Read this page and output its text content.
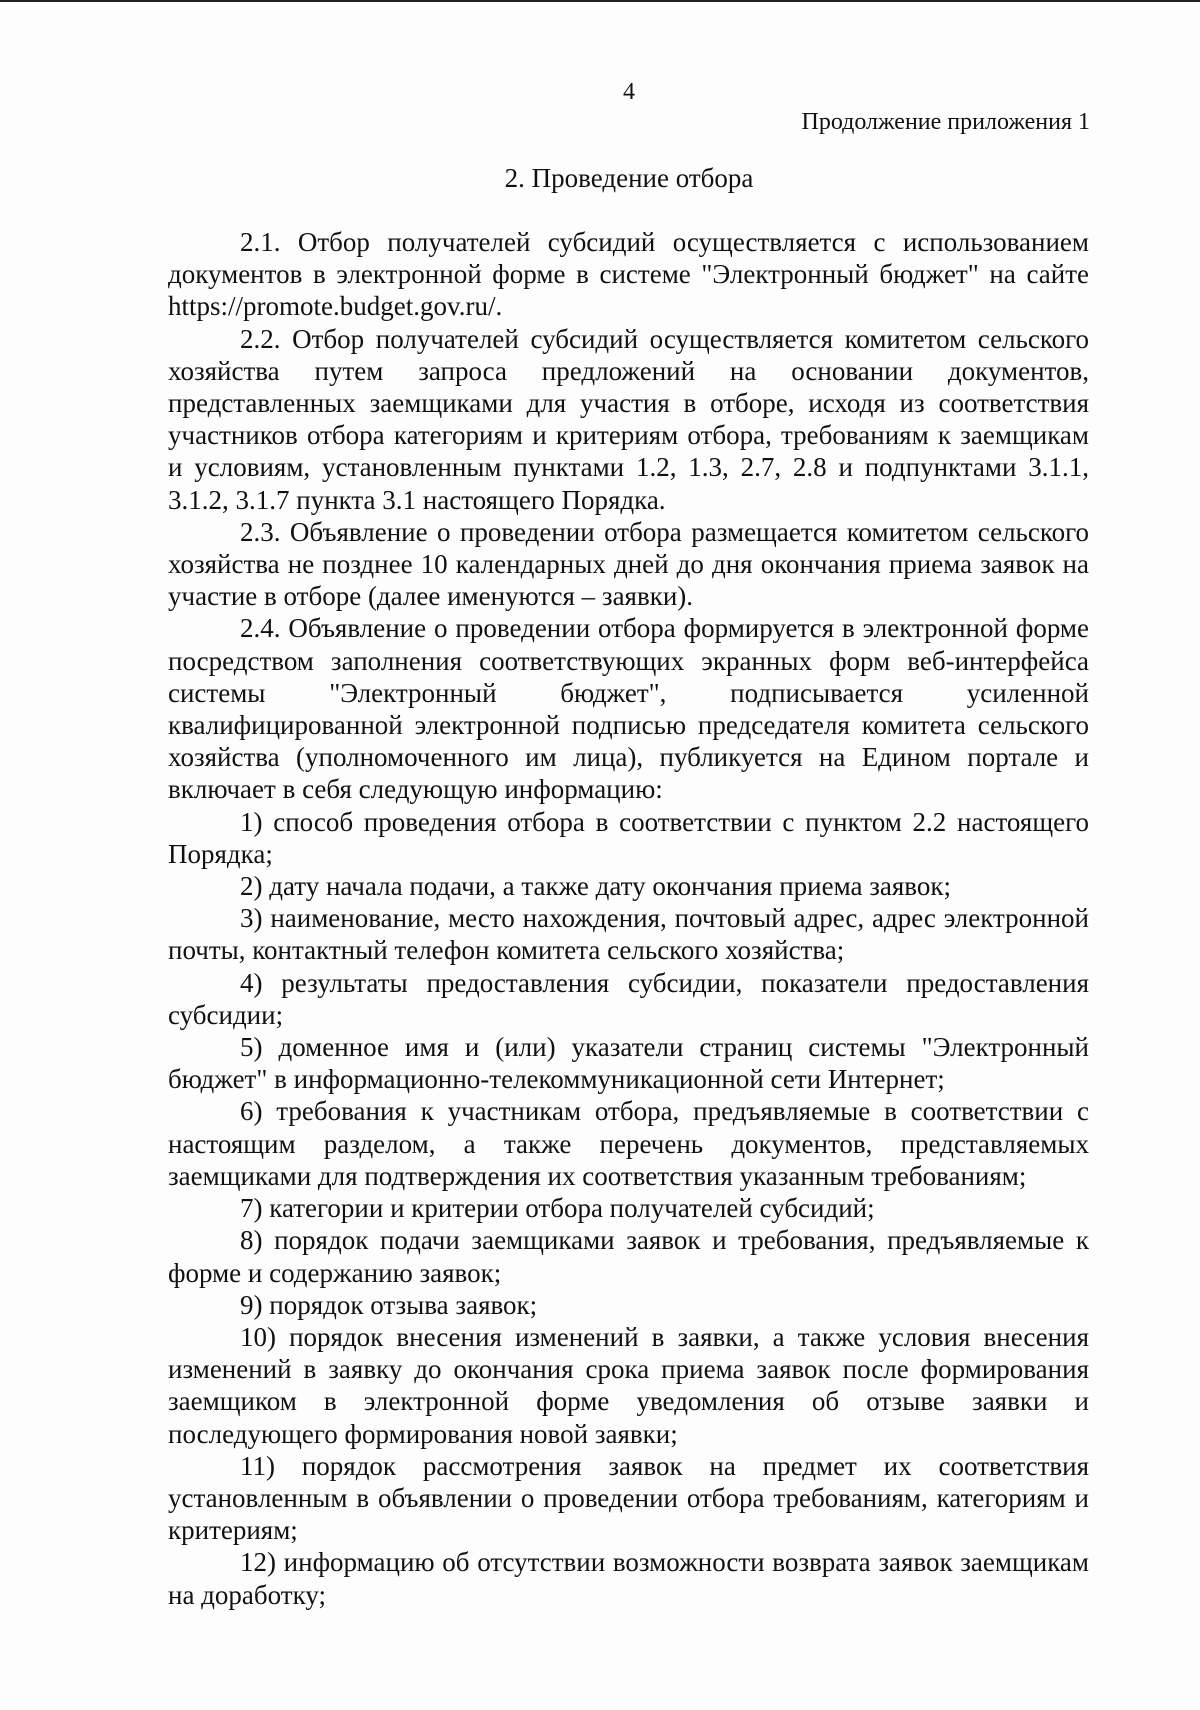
4
Продолжение приложения 1
2. Проведение отбора

2.1. Отбор получателей субсидий осуществляется с использованием документов в электронной форме в системе "Электронный бюджет" на сайте https://promote.budget.gov.ru/.

2.2. Отбор получателей субсидий осуществляется комитетом сельского хозяйства путем запроса предложений на основании документов, представленных заемщиками для участия в отборе, исходя из соответствия участников отбора категориям и критериям отбора, требованиям к заемщикам и условиям, установленным пунктами 1.2, 1.3, 2.7, 2.8 и подпунктами 3.1.1, 3.1.2, 3.1.7 пункта 3.1 настоящего Порядка.

2.3. Объявление о проведении отбора размещается комитетом сельского хозяйства не позднее 10 календарных дней до дня окончания приема заявок на участие в отборе (далее именуются – заявки).

2.4. Объявление о проведении отбора формируется в электронной форме посредством заполнения соответствующих экранных форм веб-интерфейса системы "Электронный бюджет", подписывается усиленной квалифицированной электронной подписью председателя комитета сельского хозяйства (уполномоченного им лица), публикуется на Едином портале и включает в себя следующую информацию:

1) способ проведения отбора в соответствии с пунктом 2.2 настоящего Порядка;

2) дату начала подачи, а также дату окончания приема заявок;

3) наименование, место нахождения, почтовый адрес, адрес электронной почты, контактный телефон комитета сельского хозяйства;

4) результаты предоставления субсидии, показатели предоставления субсидии;

5) доменное имя и (или) указатели страниц системы "Электронный бюджет" в информационно-телекоммуникационной сети Интернет;

6) требования к участникам отбора, предъявляемые в соответствии с настоящим разделом, а также перечень документов, представляемых заемщиками для подтверждения их соответствия указанным требованиям;

7) категории и критерии отбора получателей субсидий;

8) порядок подачи заемщиками заявок и требования, предъявляемые к форме и содержанию заявок;

9) порядок отзыва заявок;

10) порядок внесения изменений в заявки, а также условия внесения изменений в заявку до окончания срока приема заявок после формирования заемщиком в электронной форме уведомления об отзыве заявки и последующего формирования новой заявки;

11) порядок рассмотрения заявок на предмет их соответствия установленным в объявлении о проведении отбора требованиям, категориям и критериям;

12) информацию об отсутствии возможности возврата заявок заемщикам на доработку;
